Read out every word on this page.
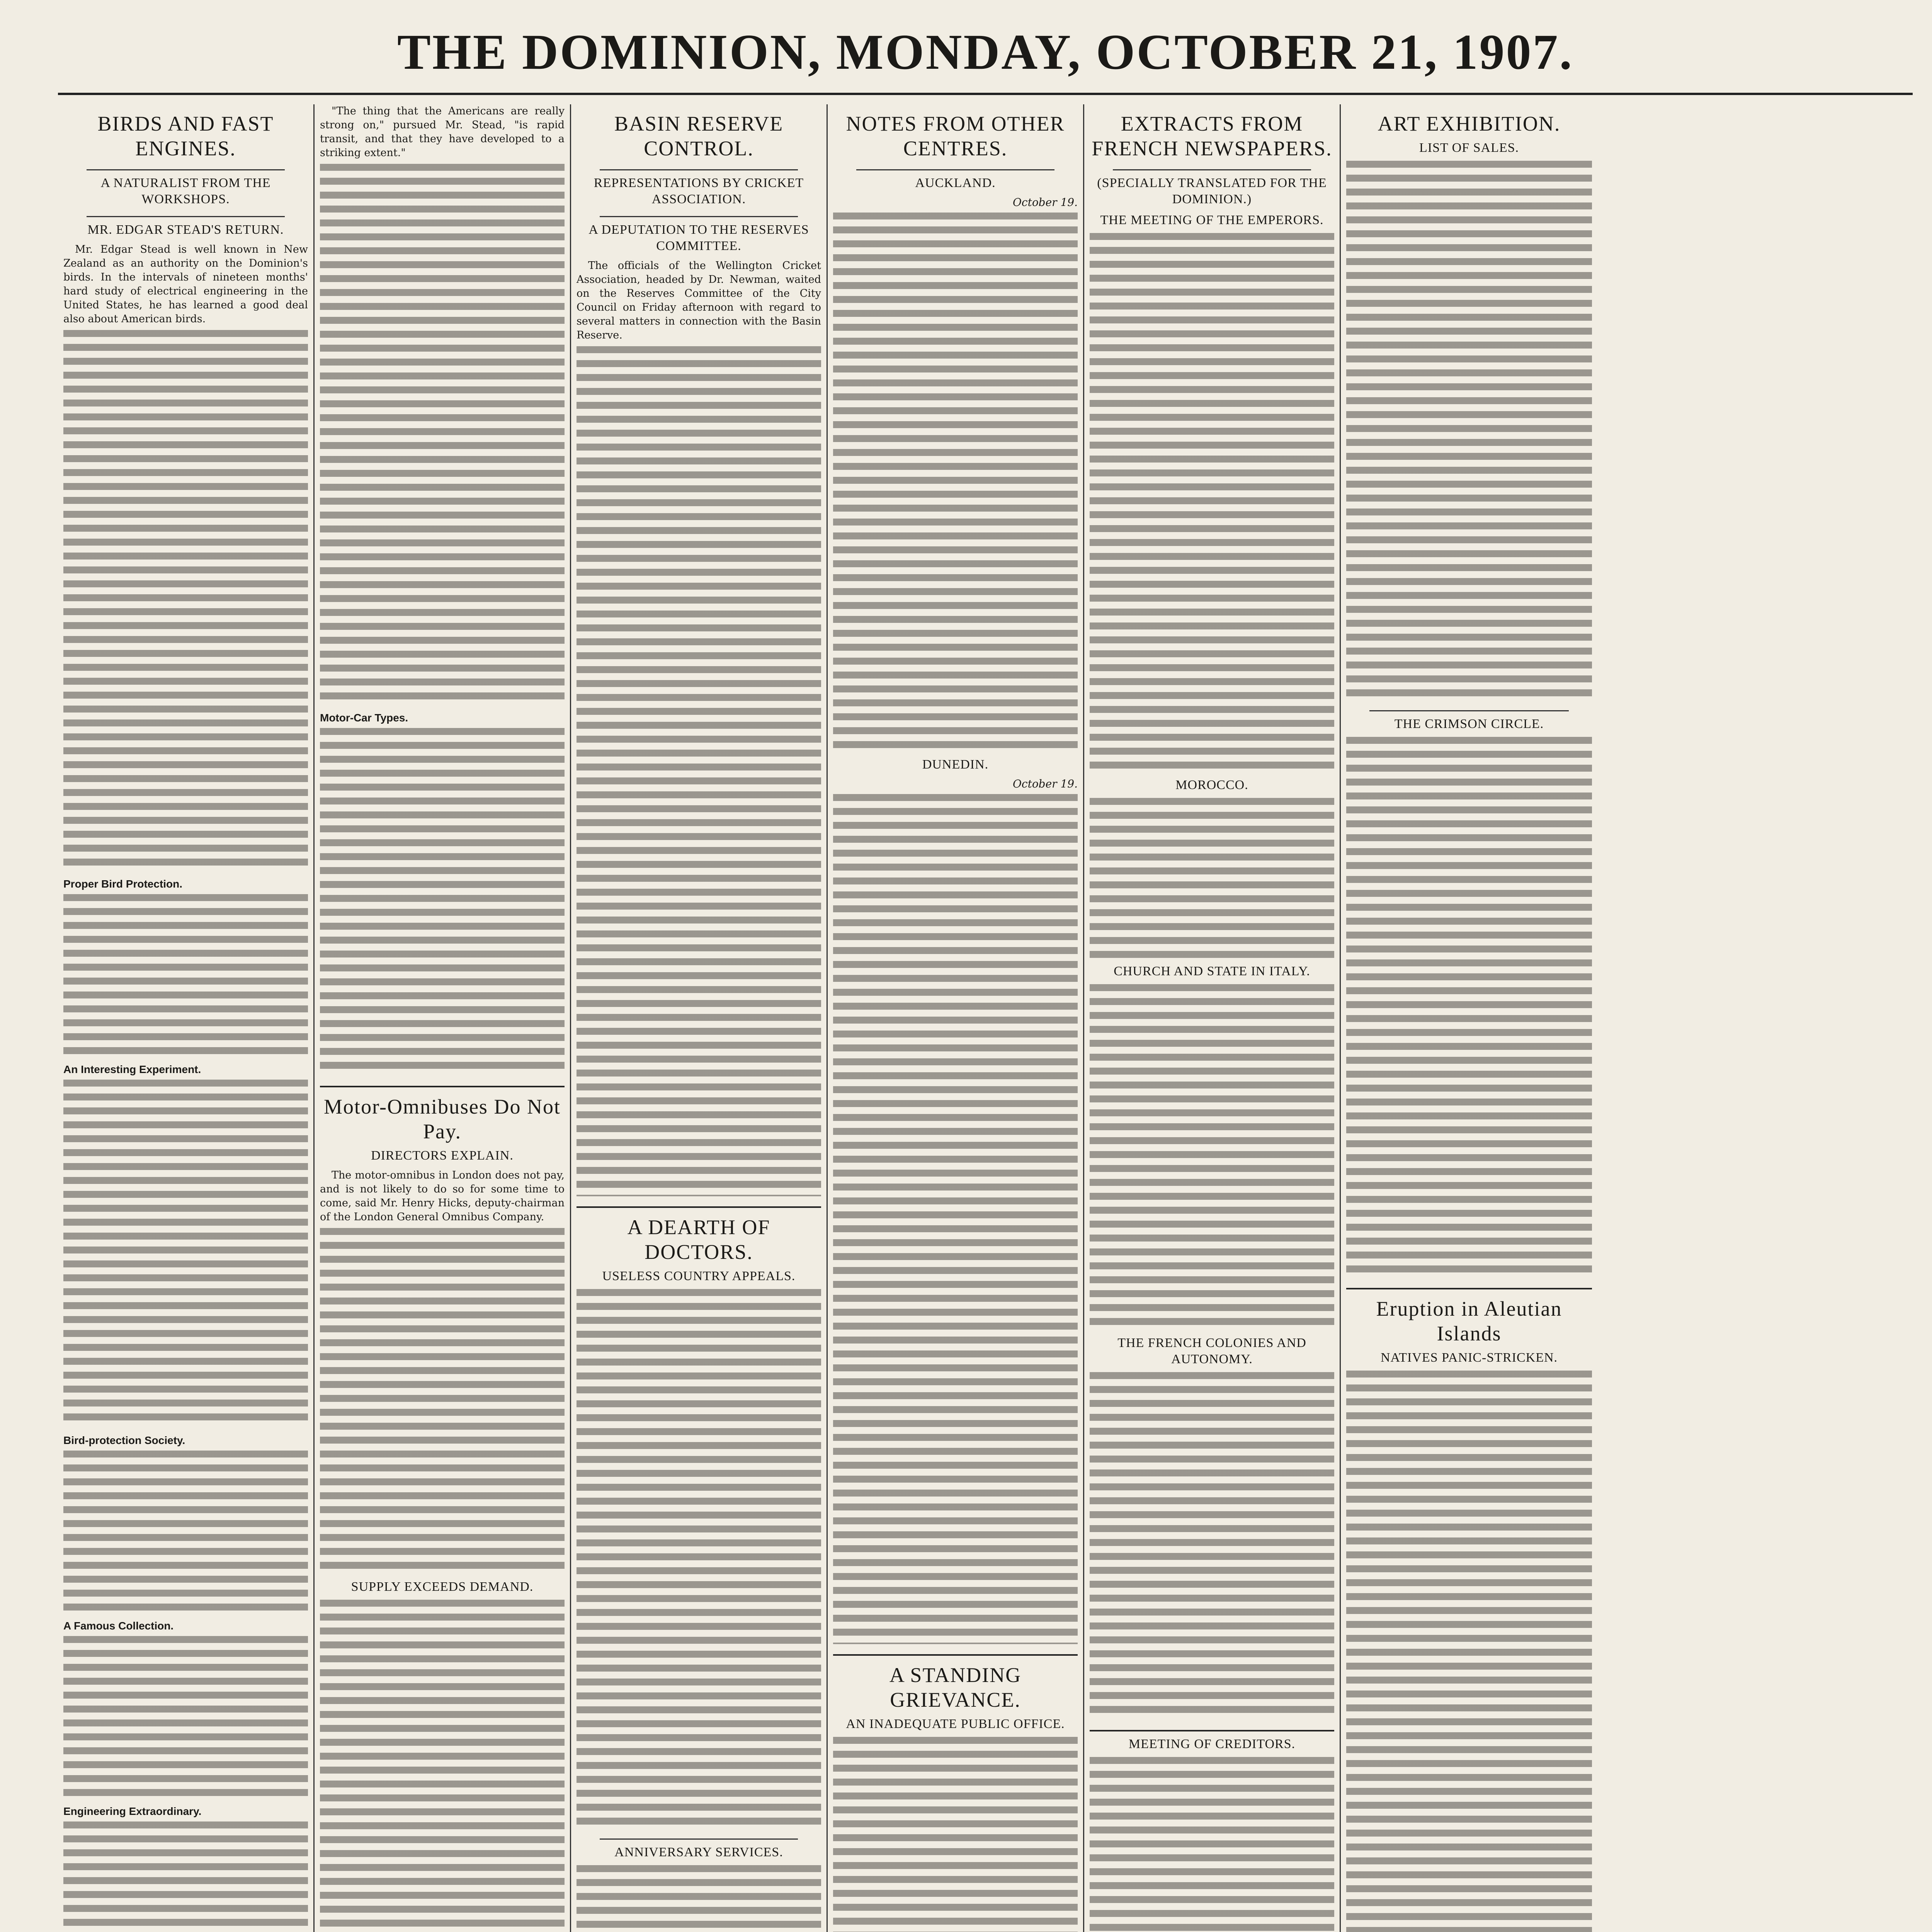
THE DOMINION, MONDAY, OCTOBER 21, 1907.
BIRDS AND FAST ENGINES.
A NATURALIST FROM THE WORKSHOPS.
MR. EDGAR STEAD'S RETURN.

Mr. Edgar Stead is well known in New Zealand as an authority on the Dominion's birds. In the intervals of nineteen months' hard study of electrical engineering in the United States, he has learned a good deal also about American birds.

Proper Bird Protection.
An Interesting Experiment.
Bird-protection Society.
A Famous Collection.
Engineering Extraordinary.

"The thing that the Americans are really strong on," pursued Mr. Stead, "is rapid transit, and that they have developed to a striking extent."

Motor-Car Types.
Motor-Omnibuses Do Not Pay.
DIRECTORS EXPLAIN.

The motor-omnibus in London does not pay, and is not likely to do so for some time to come, said Mr. Henry Hicks, deputy-chairman of the London General Omnibus Company.

SUPPLY EXCEEDS DEMAND.
BASIN RESERVE CONTROL.
REPRESENTATIONS BY CRICKET ASSOCIATION.
A DEPUTATION TO THE RESERVES COMMITTEE.

The officials of the Wellington Cricket Association, headed by Dr. Newman, waited on the Reserves Committee of the City Council on Friday afternoon with regard to several matters in connection with the Basin Reserve.

A DEARTH OF DOCTORS.
USELESS COUNTRY APPEALS.
ANNIVERSARY SERVICES.
NOTES FROM OTHER CENTRES.
AUCKLAND.
October 19.
DUNEDIN.
October 19.
A STANDING GRIEVANCE.
AN INADEQUATE PUBLIC OFFICE.
EXTRACTS FROM FRENCH NEWSPAPERS.
(SPECIALLY TRANSLATED FOR THE DOMINION.)
THE MEETING OF THE EMPERORS.
MOROCCO.
CHURCH AND STATE IN ITALY.
THE FRENCH COLONIES AND AUTONOMY.
MEETING OF CREDITORS.
ART EXHIBITION.
LIST OF SALES.
THE CRIMSON CIRCLE.
Eruption in Aleutian Islands
NATIVES PANIC-STRICKEN.
